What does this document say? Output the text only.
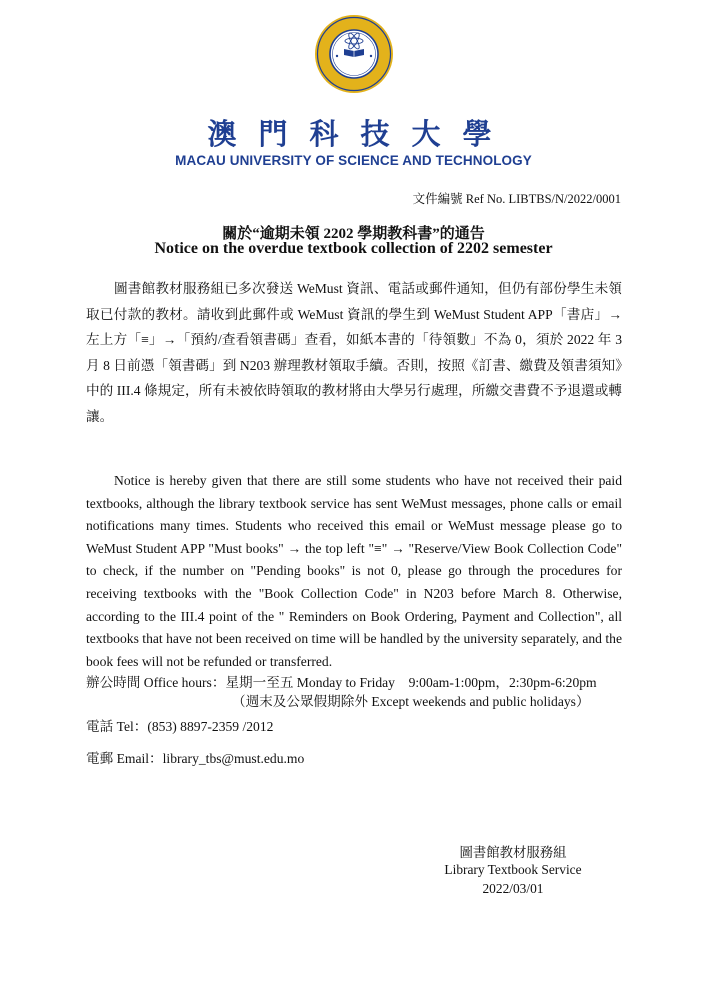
澳門科技大學
MACAU UNIVERSITY OF SCIENCE AND TECHNOLOGY
文件編號 Ref No. LIBTBS/N/2022/0001
關於“逾期未領 2202 學期教科書”的通告
Notice on the overdue textbook collection of 2202 semester
圖書館教材服務組已多次發送 WeMust 資訊、電話或郵件通知，但仍有部份學生未領取已付款的教材。請收到此郵件或 WeMust 資訊的學生到 WeMust Student APP「書店」→ 左上方「≡」→「預約/查看領書碼」查看，如紙本書的「待領數」不為 0，須於 2022 年 3 月 8 日前憑「領書碼」到 N203 辦理教材領取手續。否則，按照《訂書、繳費及領書須知》中的 III.4 條規定，所有未被依時領取的教材將由大學另行處理，所繳交書費不予退還或轉讓。
Notice is hereby given that there are still some students who have not received their paid textbooks, although the library textbook service has sent WeMust messages, phone calls or email notifications many times. Students who received this email or WeMust message please go to WeMust Student APP "Must books" → the top left "≡" → "Reserve/View Book Collection Code" to check, if the number on "Pending books" is not 0, please go through the procedures for receiving textbooks with the "Book Collection Code" in N203 before March 8. Otherwise, according to the III.4 point of the " Reminders on Book Ordering, Payment and Collection", all textbooks that have not been received on time will be handled by the university separately, and the book fees will not be refunded or transferred.
辦公時間 Office hours：星期一至五 Monday to Friday　9:00am-1:00pm，2:30pm-6:20pm
（週末及公眾假期除外 Except weekends and public holidays）
電話 Tel：(853) 8897-2359 /2012
電郵 Email：library_tbs@must.edu.mo
圖書館教材服務組
Library Textbook Service
2022/03/01
